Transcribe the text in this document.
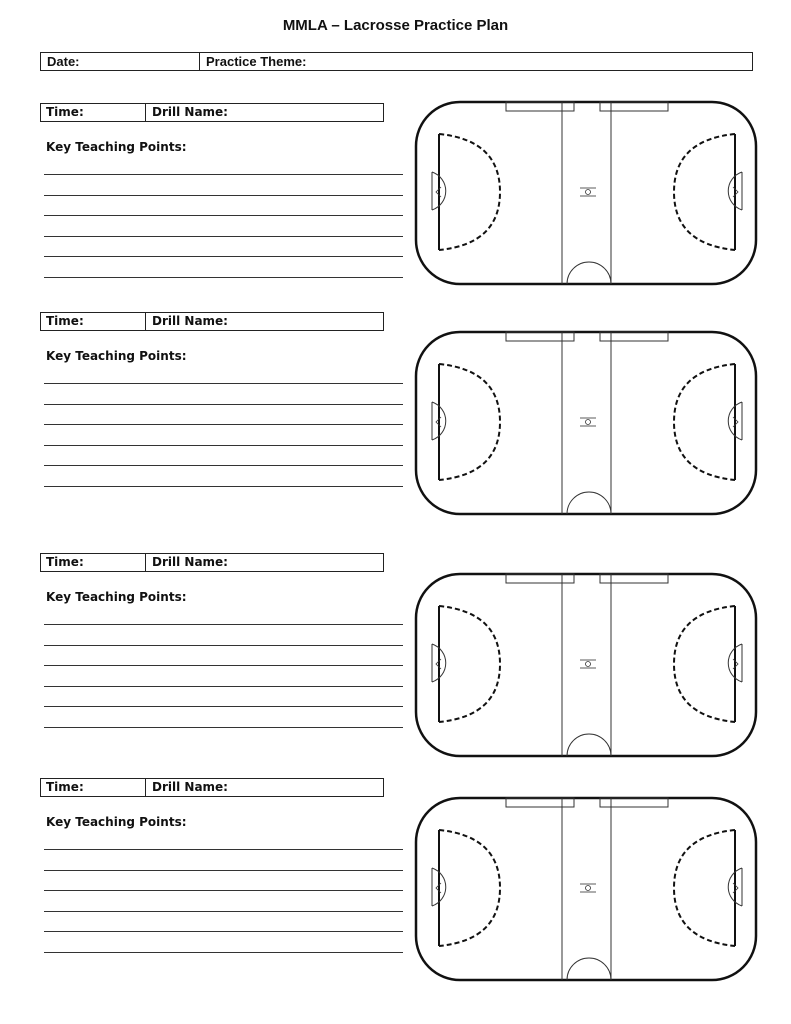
MMLA – Lacrosse Practice Plan
Date:	Practice Theme:
Time:	Drill Name:
Key Teaching Points:
Time:	Drill Name:
Key Teaching Points:
Time:	Drill Name:
Key Teaching Points:
Time:	Drill Name:
Key Teaching Points:
